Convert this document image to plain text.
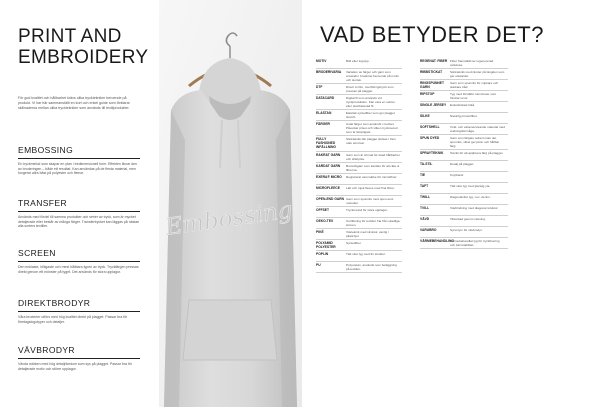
PRINT AND EMBROIDERY

För god kvalitet och hållbarhet krävs olika trycktekniker beroende på produkt. Vi har här sammanställt en kort och enkel guide som förklarar skillnaderna mellan olika trycktekniker som används till textilprodukter.

EMBOSSING

En tryckmetod som skapar en ytan i tredimensionell form. Effekten liknar den av broderingen – både ett resultat. Kan användas på de flesta material, men fungerar allra bäst på polyester och fleece.

TRANSFER

Används med fördel till samma produkter och serier av tryck, som är mycket detaljerade eller består av många färger. Transfertrycket kan läggas på nästan alla sorters textilier.

SCREEN

Den enklaste, billigaste och mest hållbara typen av tryck. Tryckfärgen pressas direkt genom ett mönster på tyget. Det används för stora upplagor.

DIREKTBRODYR

Våra broderier utförs med hög kvalitet direkt på plagget. Passar bra för företagslogotyper och detaljer.

VÄVBRODYR

Vävda märken med hög detaljrikedom som sys på plagget. Passar bra för detaljerade motiv och större upplagor.

Embossing
VAD BETYDER DET?
MOTIV	Bild eller logotyp.
BRODERIVARIA	Variation av färger och garn som används i broderiet beroende på motiv och storlek.
DTF	Direct to film, överföringstryck som pressas på plagget.
DATACARD	Digital fil som används vid tryckproduktion. Kan vara en vektor- eller pixelbaserad fil.
ELASTAN	Elastisk syntetfiber som ger plagget stretch.
FÄRGER	Antal färger som används i motivet. Påverkar priset och vilken tryckmetod som är lämpligast.
FULLY FASHIONED INFÄLLNING
Stickteknik där plagget stickas i form utan sömmar.
RAKRAT GARN	Garn som är tvinnat för ökad hållbarhet och slitstyrka.
KARDAT GARN	Bomullsgarn som kardats för att räta ut fibrerna.
EXERA® MICRO	Registrerat varumärke för microfibrer.
MICROFLEECE	Lätt och mjuk fleece med fina fibrer.
OPEN-END GARN Garn som spunnits med open-end-metoden.
OFFSET	Tryckmetod för stora upplagor.
OEKO-TEX	Certifiering för textilier fria från skadliga ämnen.
PIKÉ	Vävteknik med struktur, vanlig i pikétröjor.
POLYAMID POLYESTER
Syntetfiber.
POPLIN	Tätt vävt tyg med fin struktur.
PU	Polyuretan, används som beläggning på textilier.
REGENAT. FIBER Fiber framställd av regenererad cellulosa.
RIBBSTICKAT	Stickteknik med ränder på längden som ger elasticitet.
RINGSPUNNET GARN
Garn som spunnits för mjukare och starkare tråd.
RIPSTOP	Tyg med förstärkt rutmönster som hindrar revor.
SINGLE JERSEY	Enkelstickad trikå.
SILKE	Naturlig proteinfiber.
SOFTSHELL	Vind- och vattenavvisande material med andningsförmåga.
SPUN DYED	Garn som färgats redan innan det spunnits, vilket ger jämn och hållbar färg.
SPRAYTEKNIK	Teknik för att applicera färg på plagget.
TA-STIL	Detalj på plagget.
TIE	Knytband.
TAFT	Tätt vävt tyg med glansig yta.
TWILL	Diagonalvävt tyg, t.ex. denim.
TVILL	Vävbindning med diagonal struktur.
VÄVD	Tillverkad genom vävning.
VARUBRO	Synonym för vävbrodyr.
VÄRMEBEHANDLING
Värmebehandlat tyg för tryckfixering och formstabilitet.
